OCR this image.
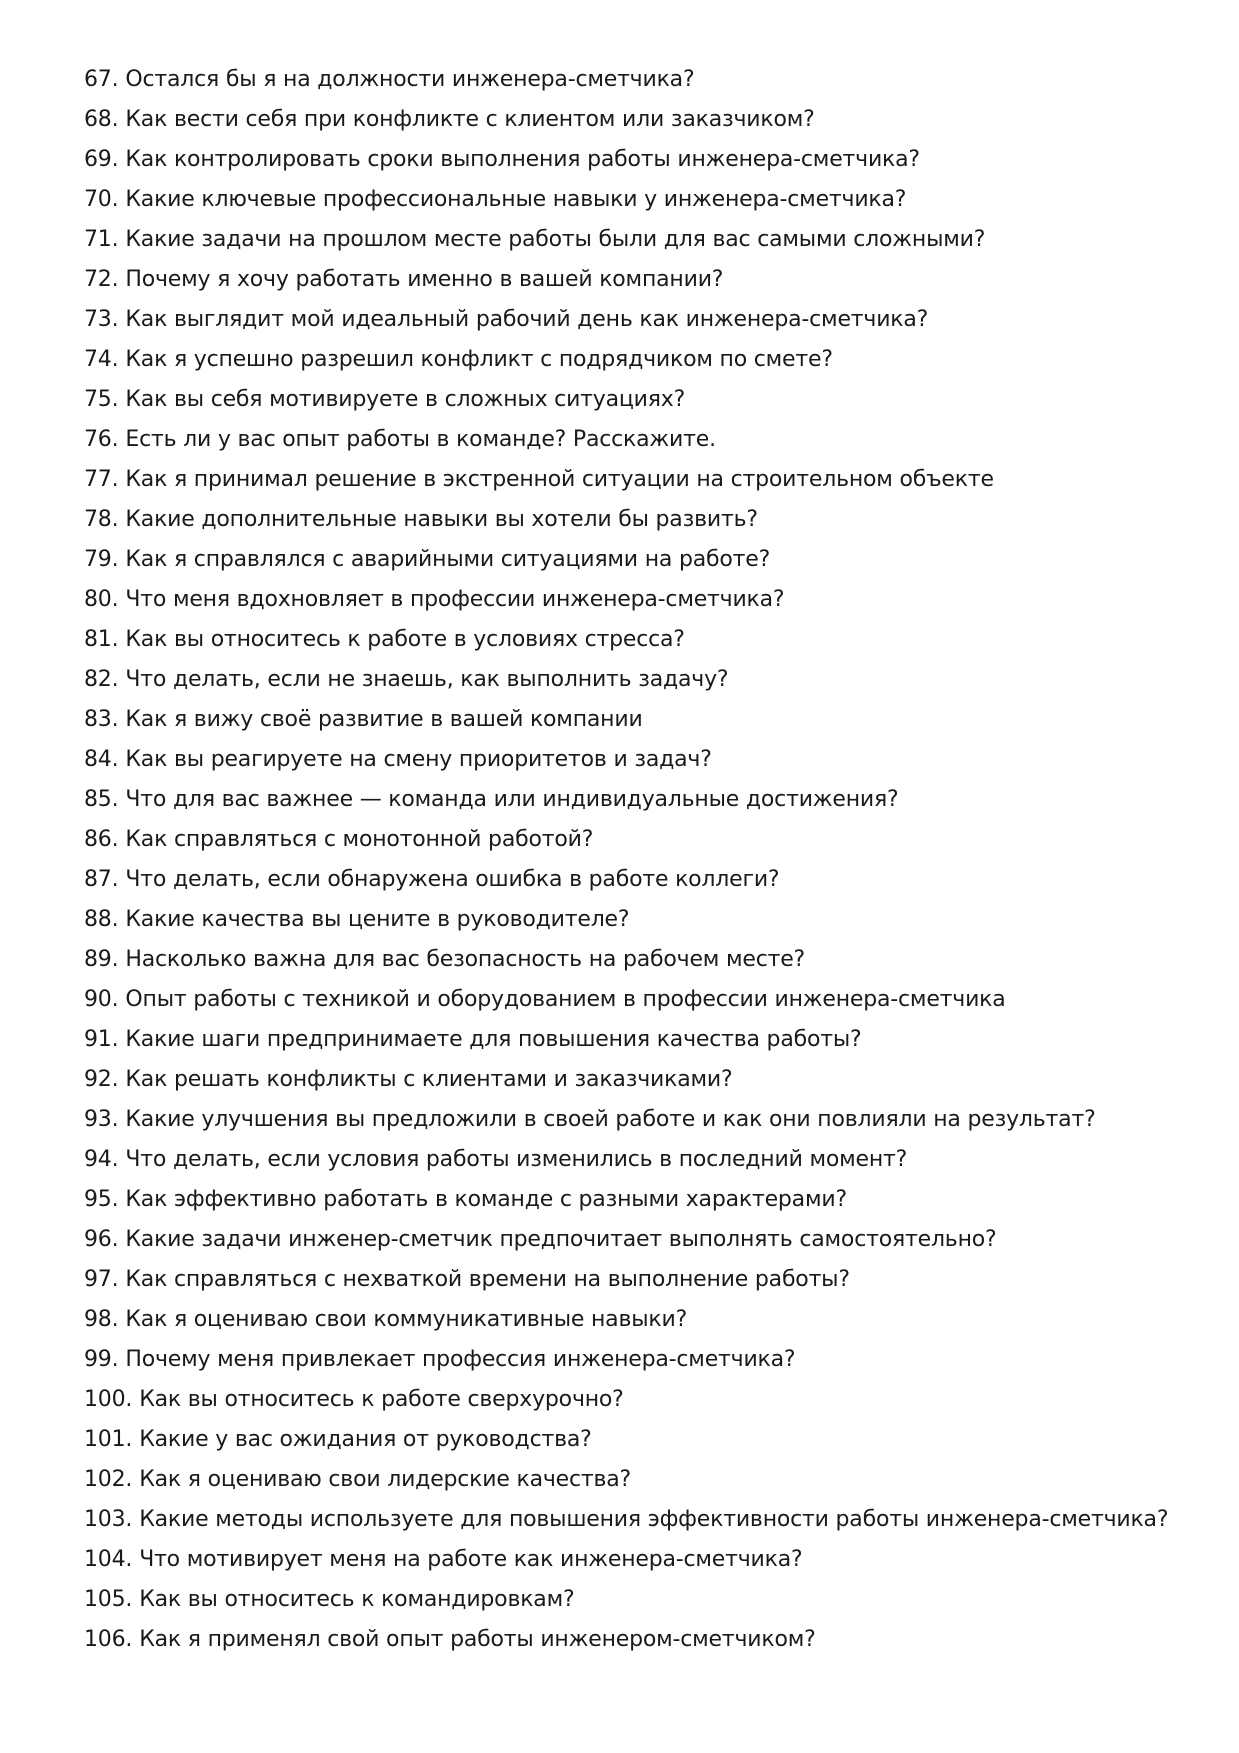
67. Остался бы я на должности инженера-сметчика?
68. Как вести себя при конфликте с клиентом или заказчиком?
69. Как контролировать сроки выполнения работы инженера-сметчика?
70. Какие ключевые профессиональные навыки у инженера-сметчика?
71. Какие задачи на прошлом месте работы были для вас самыми сложными?
72. Почему я хочу работать именно в вашей компании?
73. Как выглядит мой идеальный рабочий день как инженера-сметчика?
74. Как я успешно разрешил конфликт с подрядчиком по смете?
75. Как вы себя мотивируете в сложных ситуациях?
76. Есть ли у вас опыт работы в команде? Расскажите.
77. Как я принимал решение в экстренной ситуации на строительном объекте
78. Какие дополнительные навыки вы хотели бы развить?
79. Как я справлялся с аварийными ситуациями на работе?
80. Что меня вдохновляет в профессии инженера-сметчика?
81. Как вы относитесь к работе в условиях стресса?
82. Что делать, если не знаешь, как выполнить задачу?
83. Как я вижу своё развитие в вашей компании
84. Как вы реагируете на смену приоритетов и задач?
85. Что для вас важнее — команда или индивидуальные достижения?
86. Как справляться с монотонной работой?
87. Что делать, если обнаружена ошибка в работе коллеги?
88. Какие качества вы цените в руководителе?
89. Насколько важна для вас безопасность на рабочем месте?
90. Опыт работы с техникой и оборудованием в профессии инженера-сметчика
91. Какие шаги предпринимаете для повышения качества работы?
92. Как решать конфликты с клиентами и заказчиками?
93. Какие улучшения вы предложили в своей работе и как они повлияли на результат?
94. Что делать, если условия работы изменились в последний момент?
95. Как эффективно работать в команде с разными характерами?
96. Какие задачи инженер-сметчик предпочитает выполнять самостоятельно?
97. Как справляться с нехваткой времени на выполнение работы?
98. Как я оцениваю свои коммуникативные навыки?
99. Почему меня привлекает профессия инженера-сметчика?
100. Как вы относитесь к работе сверхурочно?
101. Какие у вас ожидания от руководства?
102. Как я оцениваю свои лидерские качества?
103. Какие методы используете для повышения эффективности работы инженера-сметчика?
104. Что мотивирует меня на работе как инженера-сметчика?
105. Как вы относитесь к командировкам?
106. Как я применял свой опыт работы инженером-сметчиком?
